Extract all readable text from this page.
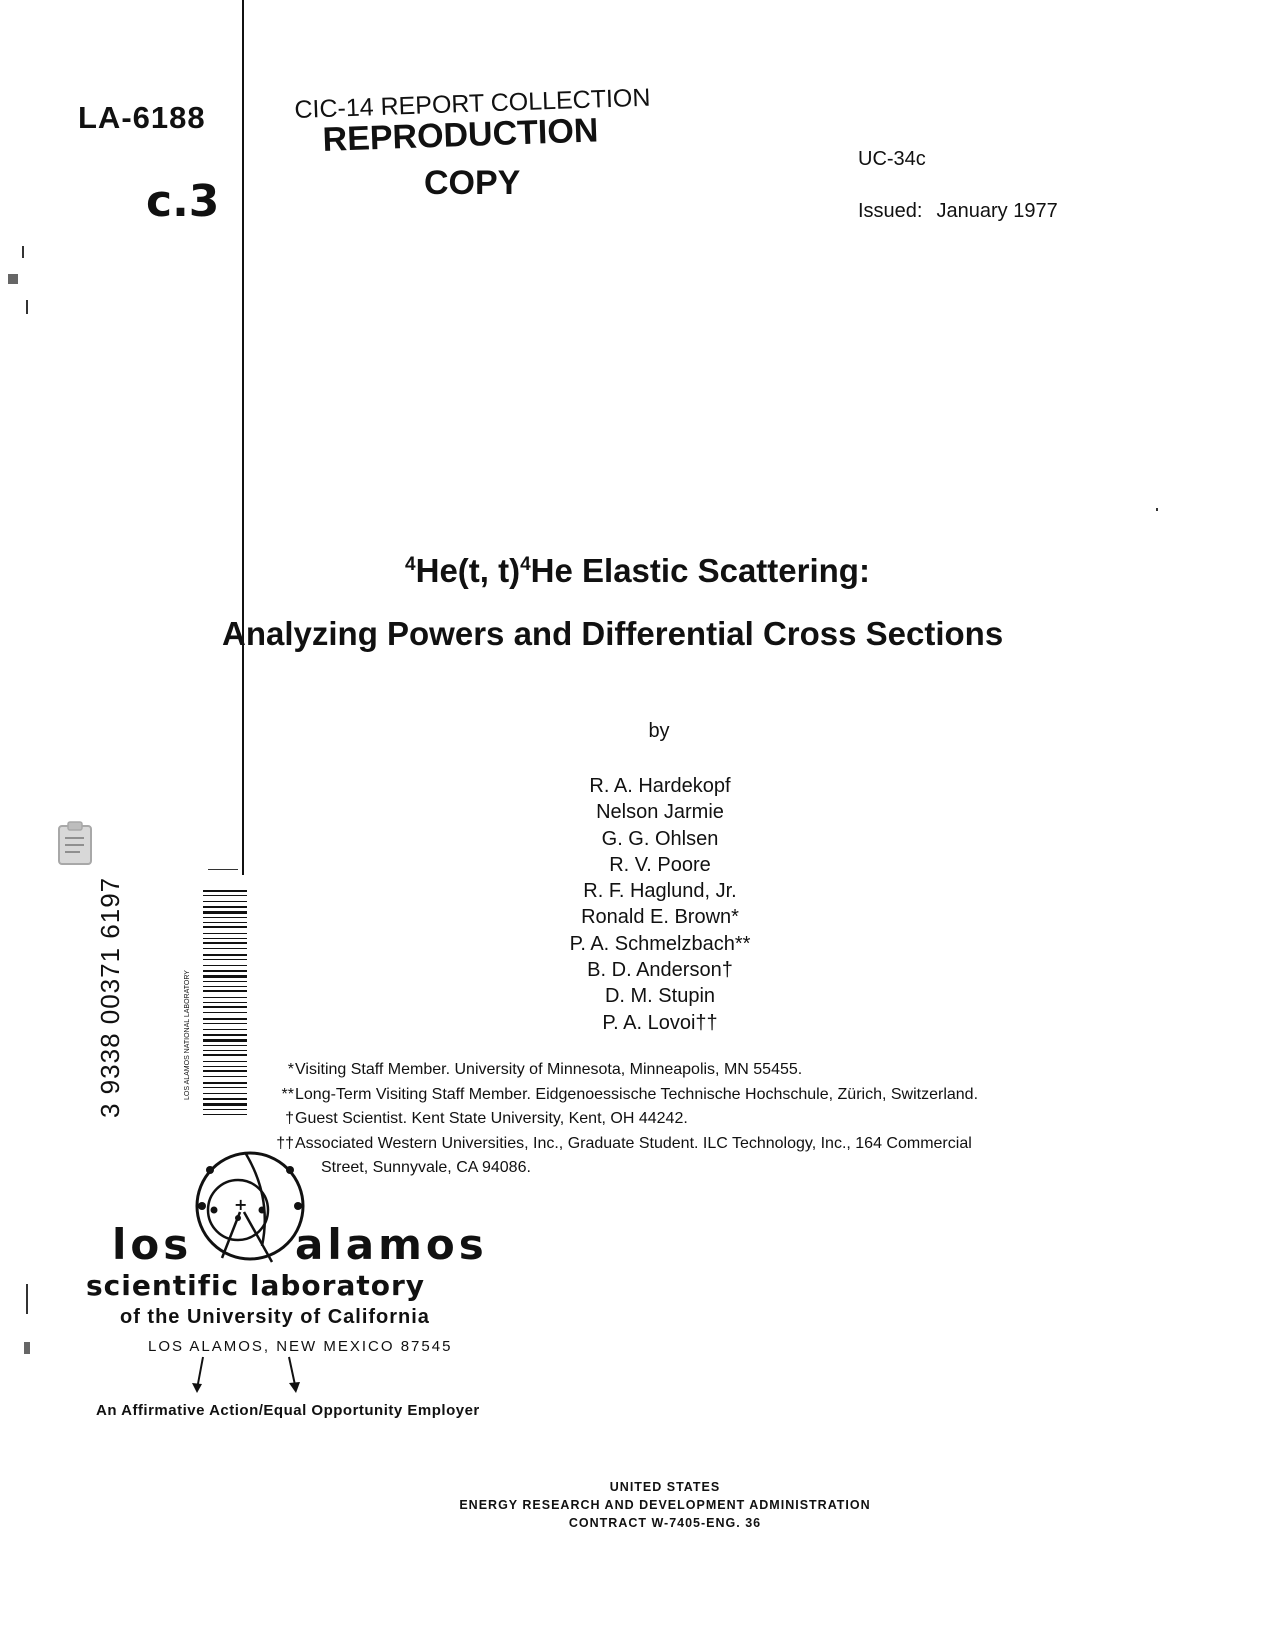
LA-6188
c.3
CIC-14 REPORT COLLECTION
REPRODUCTION
COPY
UC-34c
Issued: January 1977
$^4$He(t, t)$^4$He Elastic Scattering:
Analyzing Powers and Differential Cross Sections
by
R. A. Hardekopf
Nelson Jarmie
G. G. Ohlsen
R. V. Poore
R. F. Haglund, Jr.
Ronald E. Brown*
P. A. Schmelzbach**
B. D. Anderson†
D. M. Stupin
P. A. Lovoi††
* Visiting Staff Member. University of Minnesota, Minneapolis, MN 55455.
** Long-Term Visiting Staff Member. Eidgenoessische Technische Hochschule, Zürich, Switzerland.
† Guest Scientist. Kent State University, Kent, OH 44242.
†† Associated Western Universities, Inc., Graduate Student. ILC Technology, Inc., 164 Commercial
Street, Sunnyvale, CA 94086.
3 9338 00371 6197	LOS ALAMOS NATIONAL LABORATORY
+
los alamos
scientific laboratory
of the University of California
LOS ALAMOS, NEW MEXICO 87545
An Affirmative Action/Equal Opportunity Employer
UNITED STATES
ENERGY RESEARCH AND DEVELOPMENT ADMINISTRATION
CONTRACT W-7405-ENG. 36
